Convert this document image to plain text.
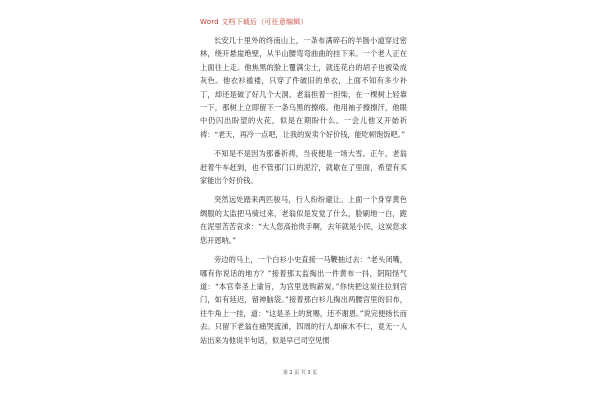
Word 文档下载后（可任意编辑）

长安几十里外的终南山上，一条布满碎石的羊肠小道穿过密林，绕开悬崖绝壁，从半山腰弯弯曲曲的挂下来。一个老人正在上面往上走。他焦黑的脸上覆满尘土，就连花白的胡子也被染成灰色。他衣衫褴褛，只穿了件破旧的单衣，上面不知有多少补丁，却还是破了好几个大洞。老翁担着一担柴，在一棵树上轻靠一下，那树上立即留下一条乌黑的擦痕。他用袖子擦擦汗，他眼中仍闪出盼望的火花，似是在期盼什么。一会儿他又开始祈祷：“老天，再冷一点吧，让我的炭卖个好价钱，能吃顿饱饭吧。”

不知是不是因为那番祈祷，当夜便是一场大雪。正午，老翁赶着牛车赶到，也不管那门口的泥泞，就歇在了里面，希望有买家能出个好价钱。

突然远处踏来两匹骏马，行人纷纷避让。上面一个身穿黄色绸服的太监把马骑过来，老翁似是发觉了什么，脸刷地一白，跪在泥里苦苦哀求：“大人您高抬贵手啊，去年就是小民，这炭您求您开恩呐。”

旁边的马上，一个白衫小史直接一马鞭抽过去：“老头闭嘴，哪有你说话的地方？”接着那太监掏出一件黄布一抖，阴阳怪气道：“本官奉圣上谕旨，为宫里选购薪炭。”你快把这炭往拉到宫门，如有延迟，留神脑袋。”接着那白衫儿掏出两腰宫里的旧布，往牛角上一挂，道：“这是圣上的赏赐，还不谢恩。”说完便扬长而去。只留下老翁在痛哭流涕，四周的行人却麻木不仁，竟无一人站出来为他说半句话，似是早已司空见惯

第 2 页 共 3 页
